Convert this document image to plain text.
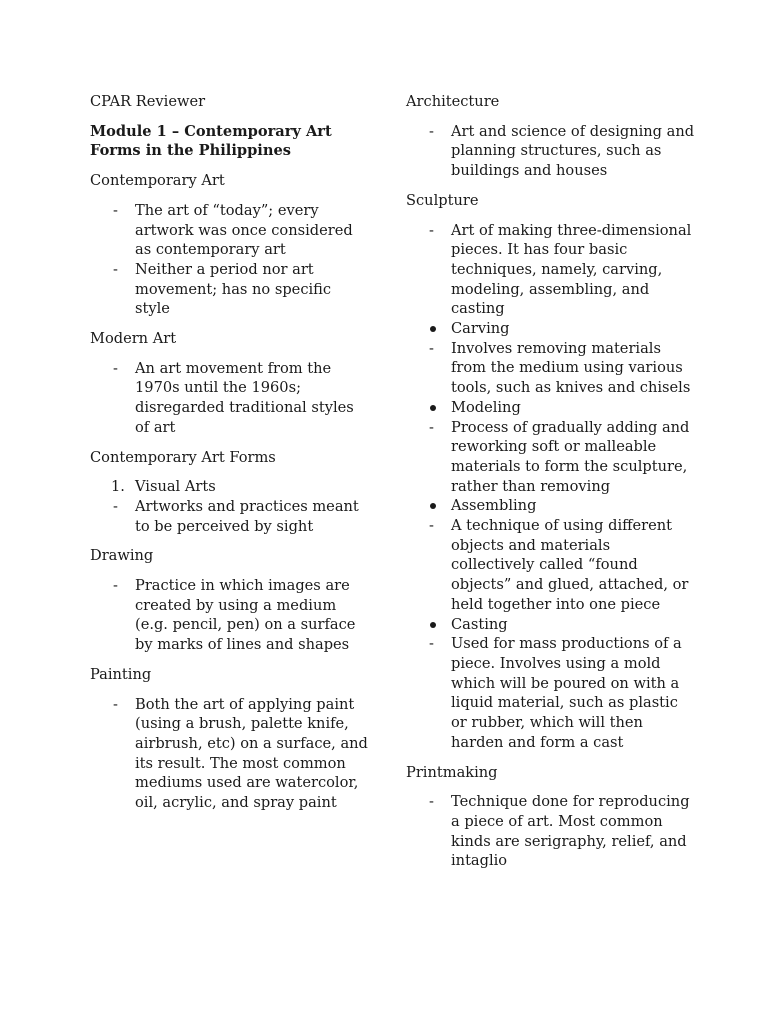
CPAR Reviewer

Module 1 – Contemporary Art Forms in the Philippines

Contemporary Art

- The art of “today”; every artwork was once considered as contemporary art
- Neither a period nor art movement; has no specific style

Modern Art

- An art movement from the 1970s until the 1960s; disregarded traditional styles of art

Contemporary Art Forms

1. Visual Arts
- Artworks and practices meant to be perceived by sight

Drawing

- Practice in which images are created by using a medium (e.g. pencil, pen) on a surface by marks of lines and shapes

Painting

- Both the art of applying paint (using a brush, palette knife, airbrush, etc) on a surface, and its result. The most common mediums used are watercolor, oil, acrylic, and spray paint

Architecture

- Art and science of designing and planning structures, such as buildings and houses

Sculpture

- Art of making three-dimensional pieces. It has four basic techniques, namely, carving, modeling, assembling, and casting
Carving
- Involves removing materials from the medium using various tools, such as knives and chisels
Modeling
- Process of gradually adding and reworking soft or malleable materials to form the sculpture, rather than removing
Assembling
- A technique of using different objects and materials collectively called “found objects” and glued, attached, or held together into one piece
Casting
- Used for mass productions of a piece. Involves using a mold which will be poured on with a liquid material, such as plastic or rubber, which will then harden and form a cast

Printmaking

- Technique done for reproducing a piece of art. Most common kinds are serigraphy, relief, and intaglio
